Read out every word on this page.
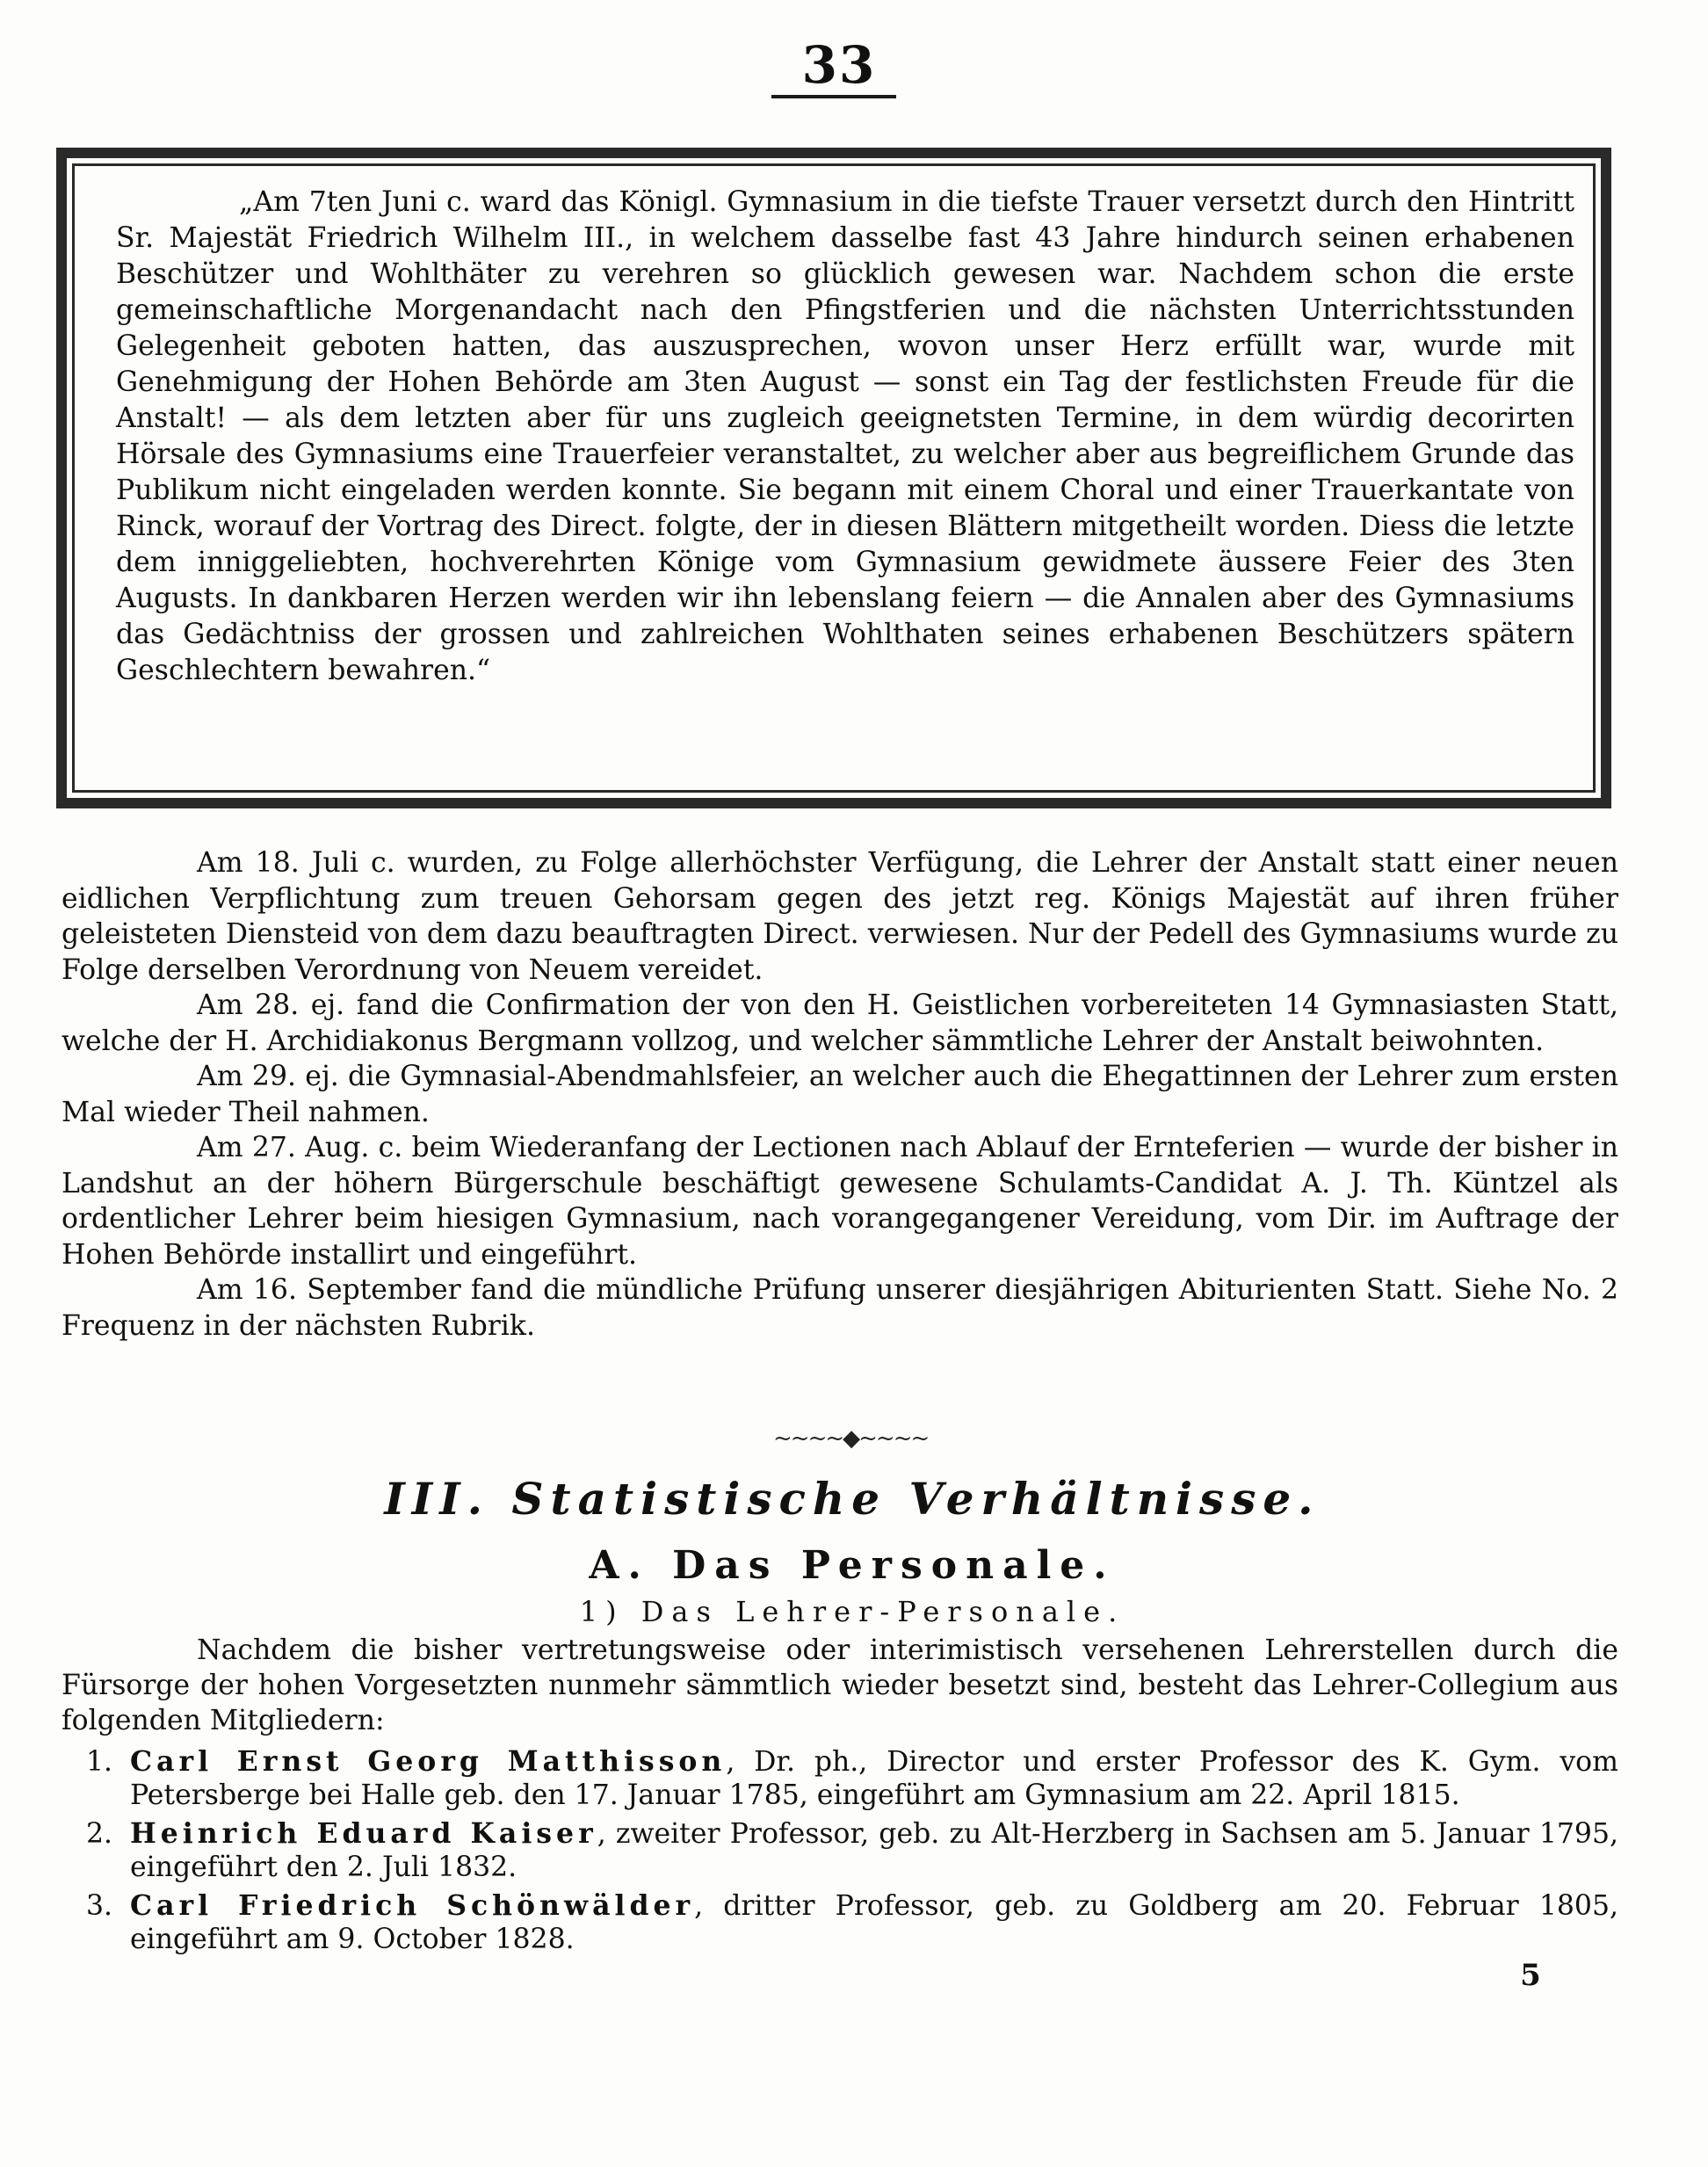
33

„Am 7ten Juni c. ward das Königl. Gymnasium in die tiefste Trauer versetzt durch den Hintritt Sr. Majestät Friedrich Wilhelm III., in welchem dasselbe fast 43 Jahre hindurch seinen erhabenen Beschützer und Wohlthäter zu verehren so glücklich gewesen war. Nachdem schon die erste gemeinschaftliche Morgenandacht nach den Pfingstferien und die nächsten Unterrichtsstunden Gelegenheit geboten hatten, das auszusprechen, wovon unser Herz erfüllt war, wurde mit Genehmigung der Hohen Behörde am 3ten August — sonst ein Tag der festlichsten Freude für die Anstalt! — als dem letzten aber für uns zugleich geeignetsten Termine, in dem würdig decorirten Hörsale des Gymnasiums eine Trauerfeier veranstaltet, zu welcher aber aus begreiflichem Grunde das Publikum nicht eingeladen werden konnte. Sie begann mit einem Choral und einer Trauerkantate von Rinck, worauf der Vortrag des Direct. folgte, der in diesen Blättern mitgetheilt worden. Diess die letzte dem inniggeliebten, hochverehrten Könige vom Gymnasium gewidmete äussere Feier des 3ten Augusts. In dankbaren Herzen werden wir ihn lebenslang feiern — die Annalen aber des Gymnasiums das Gedächtniss der grossen und zahlreichen Wohlthaten seines erhabenen Beschützers spätern Geschlechtern bewahren.“

Am 18. Juli c. wurden, zu Folge allerhöchster Verfügung, die Lehrer der Anstalt statt einer neuen eidlichen Verpflichtung zum treuen Gehorsam gegen des jetzt reg. Königs Majestät auf ihren früher geleisteten Diensteid von dem dazu beauftragten Direct. verwiesen. Nur der Pedell des Gymnasiums wurde zu Folge derselben Verordnung von Neuem vereidet.

Am 28. ej. fand die Confirmation der von den H. Geistlichen vorbereiteten 14 Gymnasiasten Statt, welche der H. Archidiakonus Bergmann vollzog, und welcher sämmtliche Lehrer der Anstalt beiwohnten.

Am 29. ej. die Gymnasial-Abendmahlsfeier, an welcher auch die Ehegattinnen der Lehrer zum ersten Mal wieder Theil nahmen.

Am 27. Aug. c. beim Wiederanfang der Lectionen nach Ablauf der Ernteferien — wurde der bisher in Landshut an der höhern Bürgerschule beschäftigt gewesene Schulamts-Candidat A. J. Th. Küntzel als ordentlicher Lehrer beim hiesigen Gymnasium, nach vorangegangener Vereidung, vom Dir. im Auftrage der Hohen Behörde installirt und eingeführt.

Am 16. September fand die mündliche Prüfung unserer diesjährigen Abiturienten Statt. Siehe No. 2 Frequenz in der nächsten Rubrik.

~~~~◆~~~~
III. Statistische Verhältnisse.
A. Das Personale.
1) Das Lehrer-Personale.

Nachdem die bisher vertretungsweise oder interimistisch versehenen Lehrerstellen durch die Fürsorge der hohen Vorgesetzten nunmehr sämmtlich wieder besetzt sind, besteht das Lehrer-Collegium aus folgenden Mitgliedern:

1. Carl Ernst Georg Matthisson, Dr. ph., Director und erster Professor des K. Gym. vom Petersberge bei Halle geb. den 17. Januar 1785, eingeführt am Gymnasium am 22. April 1815.
2. Heinrich Eduard Kaiser, zweiter Professor, geb. zu Alt-Herzberg in Sachsen am 5. Januar 1795, eingeführt den 2. Juli 1832.
3. Carl Friedrich Schönwälder, dritter Professor, geb. zu Goldberg am 20. Februar 1805, eingeführt am 9. October 1828.
5
